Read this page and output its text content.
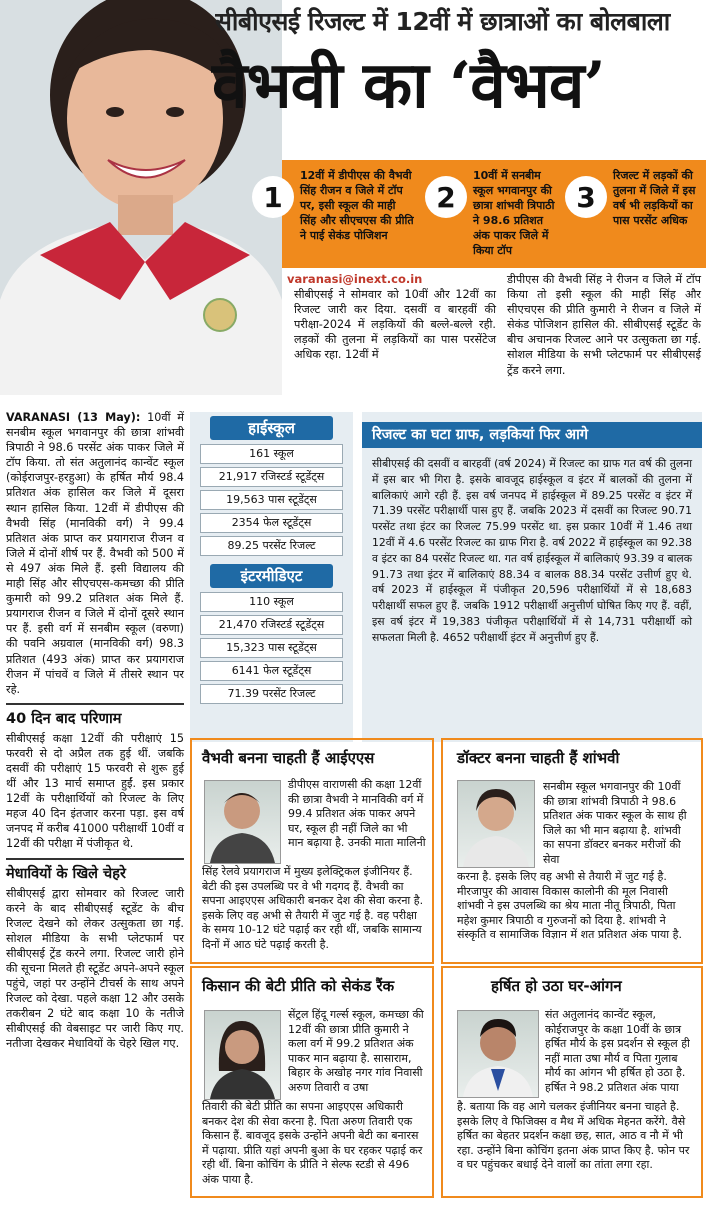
सीबीएसई रिजल्ट में 12वीं में छात्राओं का बोलबाला
वैभवी का ‘वैभव’
1
12वीं में डीपीएस की वैभवी सिंह रीजन व जिले में टॉप पर, इसी स्कूल की माही सिंह और सीएचएस की प्रीति ने पाई सेकंड पोजिशन
2
10वीं में सनबीम स्कूल भगवानपुर की छात्रा शांभवी त्रिपाठी ने 98.6 प्रतिशत अंक पाकर जिले में किया टॉप
3
रिजल्ट में लड़कों की तुलना में जिले में इस वर्ष भी लड़कियों का पास परसेंट अधिक
varanasi@inext.co.in
सीबीएसई ने सोमवार को 10वीं और 12वीं का रिजल्ट जारी कर दिया. दसवीं व बारहवीं की परीक्षा-2024 में लड़कियों की बल्ले-बल्ले रही. लड़कों की तुलना में लड़कियों का पास परसेंटेज अधिक रहा. 12वीं में
डीपीएस की वैभवी सिंह ने रीजन व जिले में टॉप किया तो इसी स्कूल की माही सिंह और सीएचएस की प्रीति कुमारी ने रीजन व जिले में सेकंड पोजिशन हासिल की. सीबीएसई स्टूडेंट के बीच अचानक रिजल्ट आने पर उत्सुकता छा गई. सोशल मीडिया के सभी प्लेटफार्म पर सीबीएसई ट्रेंड करने लगा.
VARANASI (13 May): 10वीं में सनबीम स्कूल भगवानपुर की छात्रा शांभवी त्रिपाठी ने 98.6 परसेंट अंक पाकर जिले में टॉप किया. तो संत अतुलानंद कान्वेंट स्कूल (कोईराजपुर-हरहुआ) के हर्षित मौर्य 98.4 प्रतिशत अंक हासिल कर जिले में दूसरा स्थान हासिल किया. 12वीं में डीपीएस की वैभवी सिंह (मानविकी वर्ग) ने 99.4 प्रतिशत अंक प्राप्त कर प्रयागराज रीजन व जिले में दोनों शीर्ष पर हैं. वैभवी को 500 में से 497 अंक मिले हैं. इसी विद्यालय की माही सिंह और सीएचएस-कमच्छा की प्रीति कुमारी को 99.2 प्रतिशत अंक मिले हैं. प्रयागराज रीजन व जिले में दोनों दूसरे स्थान पर हैं. इसी वर्ग में सनबीम स्कूल (वरुणा) की पवनि अग्रवाल (मानविकी वर्ग) 98.3 प्रतिशत (493 अंक) प्राप्त कर प्रयागराज रीजन में पांचवें व जिले में तीसरे स्थान पर रहे.
40 दिन बाद परिणाम
सीबीएसई कक्षा 12वीं की परीक्षाएं 15 फरवरी से दो अप्रैल तक हुई थीं. जबकि दसवीं की परीक्षाएं 15 फरवरी से शुरू हुई थीं और 13 मार्च समाप्त हुईं. इस प्रकार 12वीं के परीक्षार्थियों को रिजल्ट के लिए महज 40 दिन इंतजार करना पड़ा. इस वर्ष जनपद में करीब 41000 परीक्षार्थी 10वीं व 12वीं की परीक्षा में पंजीकृत थे.
मेधावियों के खिले चेहरे
सीबीएसई द्वारा सोमवार को रिजल्ट जारी करने के बाद सीबीएसई स्टूडेंट के बीच रिजल्ट देखने को लेकर उत्सुकता छा गई. सोशल मीडिया के सभी प्लेटफार्म पर सीबीएसई ट्रेंड करने लगा. रिजल्ट जारी होने की सूचना मिलते ही स्टूडेंट अपने-अपने स्कूल पहुंचे, जहां पर उन्होंने टीचर्स के साथ अपने रिजल्ट को देखा. पहले कक्षा 12 और उसके तकरीबन 2 घंटे बाद कक्षा 10 के नतीजे सीबीएसई की वेबसाइट पर जारी किए गए. नतीजा देखकर मेधावियों के चेहरे खिल गए.
हाईस्कूल
161 स्कूल
21,917 रजिस्टर्ड स्टूडेंट्स
19,563 पास स्टूडेंट्स
2354 फेल स्टूडेंट्स
89.25 परसेंट रिजल्ट
इंटरमीडिएट
110 स्कूल
21,470 रजिस्टर्ड स्टूडेंट्स
15,323 पास स्टूडेंट्स
6141 फेल स्टूडेंट्स
71.39 परसेंट रिजल्ट
रिजल्ट का घटा ग्राफ, लड़कियां फिर आगे
सीबीएसई की दसवीं व बारहवीं (वर्ष 2024) में रिजल्ट का ग्राफ गत वर्ष की तुलना में इस बार भी गिरा है. इसके बावजूद हाईस्कूल व इंटर में बालकों की तुलना में बालिकाएं आगे रही हैं. इस वर्ष जनपद में हाईस्कूल में 89.25 परसेंट व इंटर में 71.39 परसेंट परीक्षार्थी पास हुए हैं. जबकि 2023 में दसवीं का रिजल्ट 90.71 परसेंट तथा इंटर का रिजल्ट 75.99 परसेंट था. इस प्रकार 10वीं में 1.46 तथा 12वीं में 4.6 परसेंट रिजल्ट का ग्राफ गिरा है. वर्ष 2022 में हाईस्कूल का 92.38 व इंटर का 84 परसेंट रिजल्ट था. गत वर्ष हाईस्कूल में बालिकाएं 93.39 व बालक 91.73 तथा इंटर में बालिकाएं 88.34 व बालक 88.34 परसेंट उत्तीर्ण हुए थे. वर्ष 2023 में हाईस्कूल में पंजीकृत 20,596 परीक्षार्थियों में से 18,683 परीक्षार्थी सफल हुए हैं. जबकि 1912 परीक्षार्थी अनुत्तीर्ण घोषित किए गए हैं. वहीं, इस वर्ष इंटर में 19,383 पंजीकृत परीक्षार्थियों में से 14,731 परीक्षार्थी को सफलता मिली है. 4652 परीक्षार्थी इंटर में अनुत्तीर्ण हुए हैं.
वैभवी बनना चाहती हैं आईएएस
डीपीएस वाराणसी की कक्षा 12वीं की छात्रा वैभवी ने मानविकी वर्ग में 99.4 प्रतिशत अंक पाकर अपने घर, स्कूल ही नहीं जिले का भी मान बढ़ाया है. उनकी माता मालिनी
सिंह रेलवे प्रयागराज में मुख्य इलेक्ट्रिकल इंजीनियर हैं. बेटी की इस उपलब्धि पर वे भी गदगद हैं. वैभवी का सपना आइएएस अधिकारी बनकर देश की सेवा करना है. इसके लिए वह अभी से तैयारी में जुट गई है. वह परीक्षा के समय 10-12 घंटे पढ़ाई कर रही थीं, जबकि सामान्य दिनों में आठ घंटे पढ़ाई करती है.
डॉक्टर बनना चाहती हैं शांभवी
सनबीम स्कूल भगवानपुर की 10वीं की छात्रा शांभवी त्रिपाठी ने 98.6 प्रतिशत अंक पाकर स्कूल के साथ ही जिले का भी मान बढ़ाया है. शांभवी का सपना डॉक्टर बनकर मरीजों की सेवा
करना है. इसके लिए वह अभी से तैयारी में जुट गई है. मीरजापुर की आवास विकास कालोनी की मूल निवासी शांभवी ने इस उपलब्धि का श्रेय माता नीतू त्रिपाठी, पिता महेश कुमार त्रिपाठी व गुरुजनों को दिया है. शांभवी ने संस्कृति व सामाजिक विज्ञान में शत प्रतिशत अंक पाया है.
किसान की बेटी प्रीति को सेकंड रैंक
सेंट्रल हिंदू गर्ल्स स्कूल, कमच्छा की 12वीं की छात्रा प्रीति कुमारी ने कला वर्ग में 99.2 प्रतिशत अंक पाकर मान बढ़ाया है. सासाराम, बिहार के अखोह नगर गांव निवासी अरुण तिवारी व उषा
तिवारी की बेटी प्रीति का सपना आइएएस अधिकारी बनकर देश की सेवा करना है. पिता अरुण तिवारी एक किसान हैं. बावजूद इसके उन्होंने अपनी बेटी का बनारस में पढ़ाया. प्रीति यहां अपनी बुआ के घर रहकर पढ़ाई कर रही थीं. बिना कोचिंग के प्रीति ने सेल्फ स्टडी से 496 अंक पाया है.
हर्षित हो उठा घर-आंगन
संत अतुलानंद कान्वेंट स्कूल, कोईराजपुर के कक्षा 10वीं के छात्र हर्षित मौर्य के इस प्रदर्शन से स्कूल ही नहीं माता उषा मौर्य व पिता गुलाब मौर्य का आंगन भी हर्षित हो उठा है. हर्षित ने 98.2 प्रतिशत अंक पाया
है. बताया कि वह आगे चलकर इंजीनियर बनना चाहते है. इसके लिए वे फिजिक्स व मैथ में अधिक मेहनत करेंगे. वैसे हर्षित का बेहतर प्रदर्शन कक्षा छह, सात, आठ व नौ में भी रहा. उन्होंने बिना कोचिंग इतना अंक प्राप्त किए है. फोन पर व घर पहुंचकर बधाई देने वालों का तांता लगा रहा.
